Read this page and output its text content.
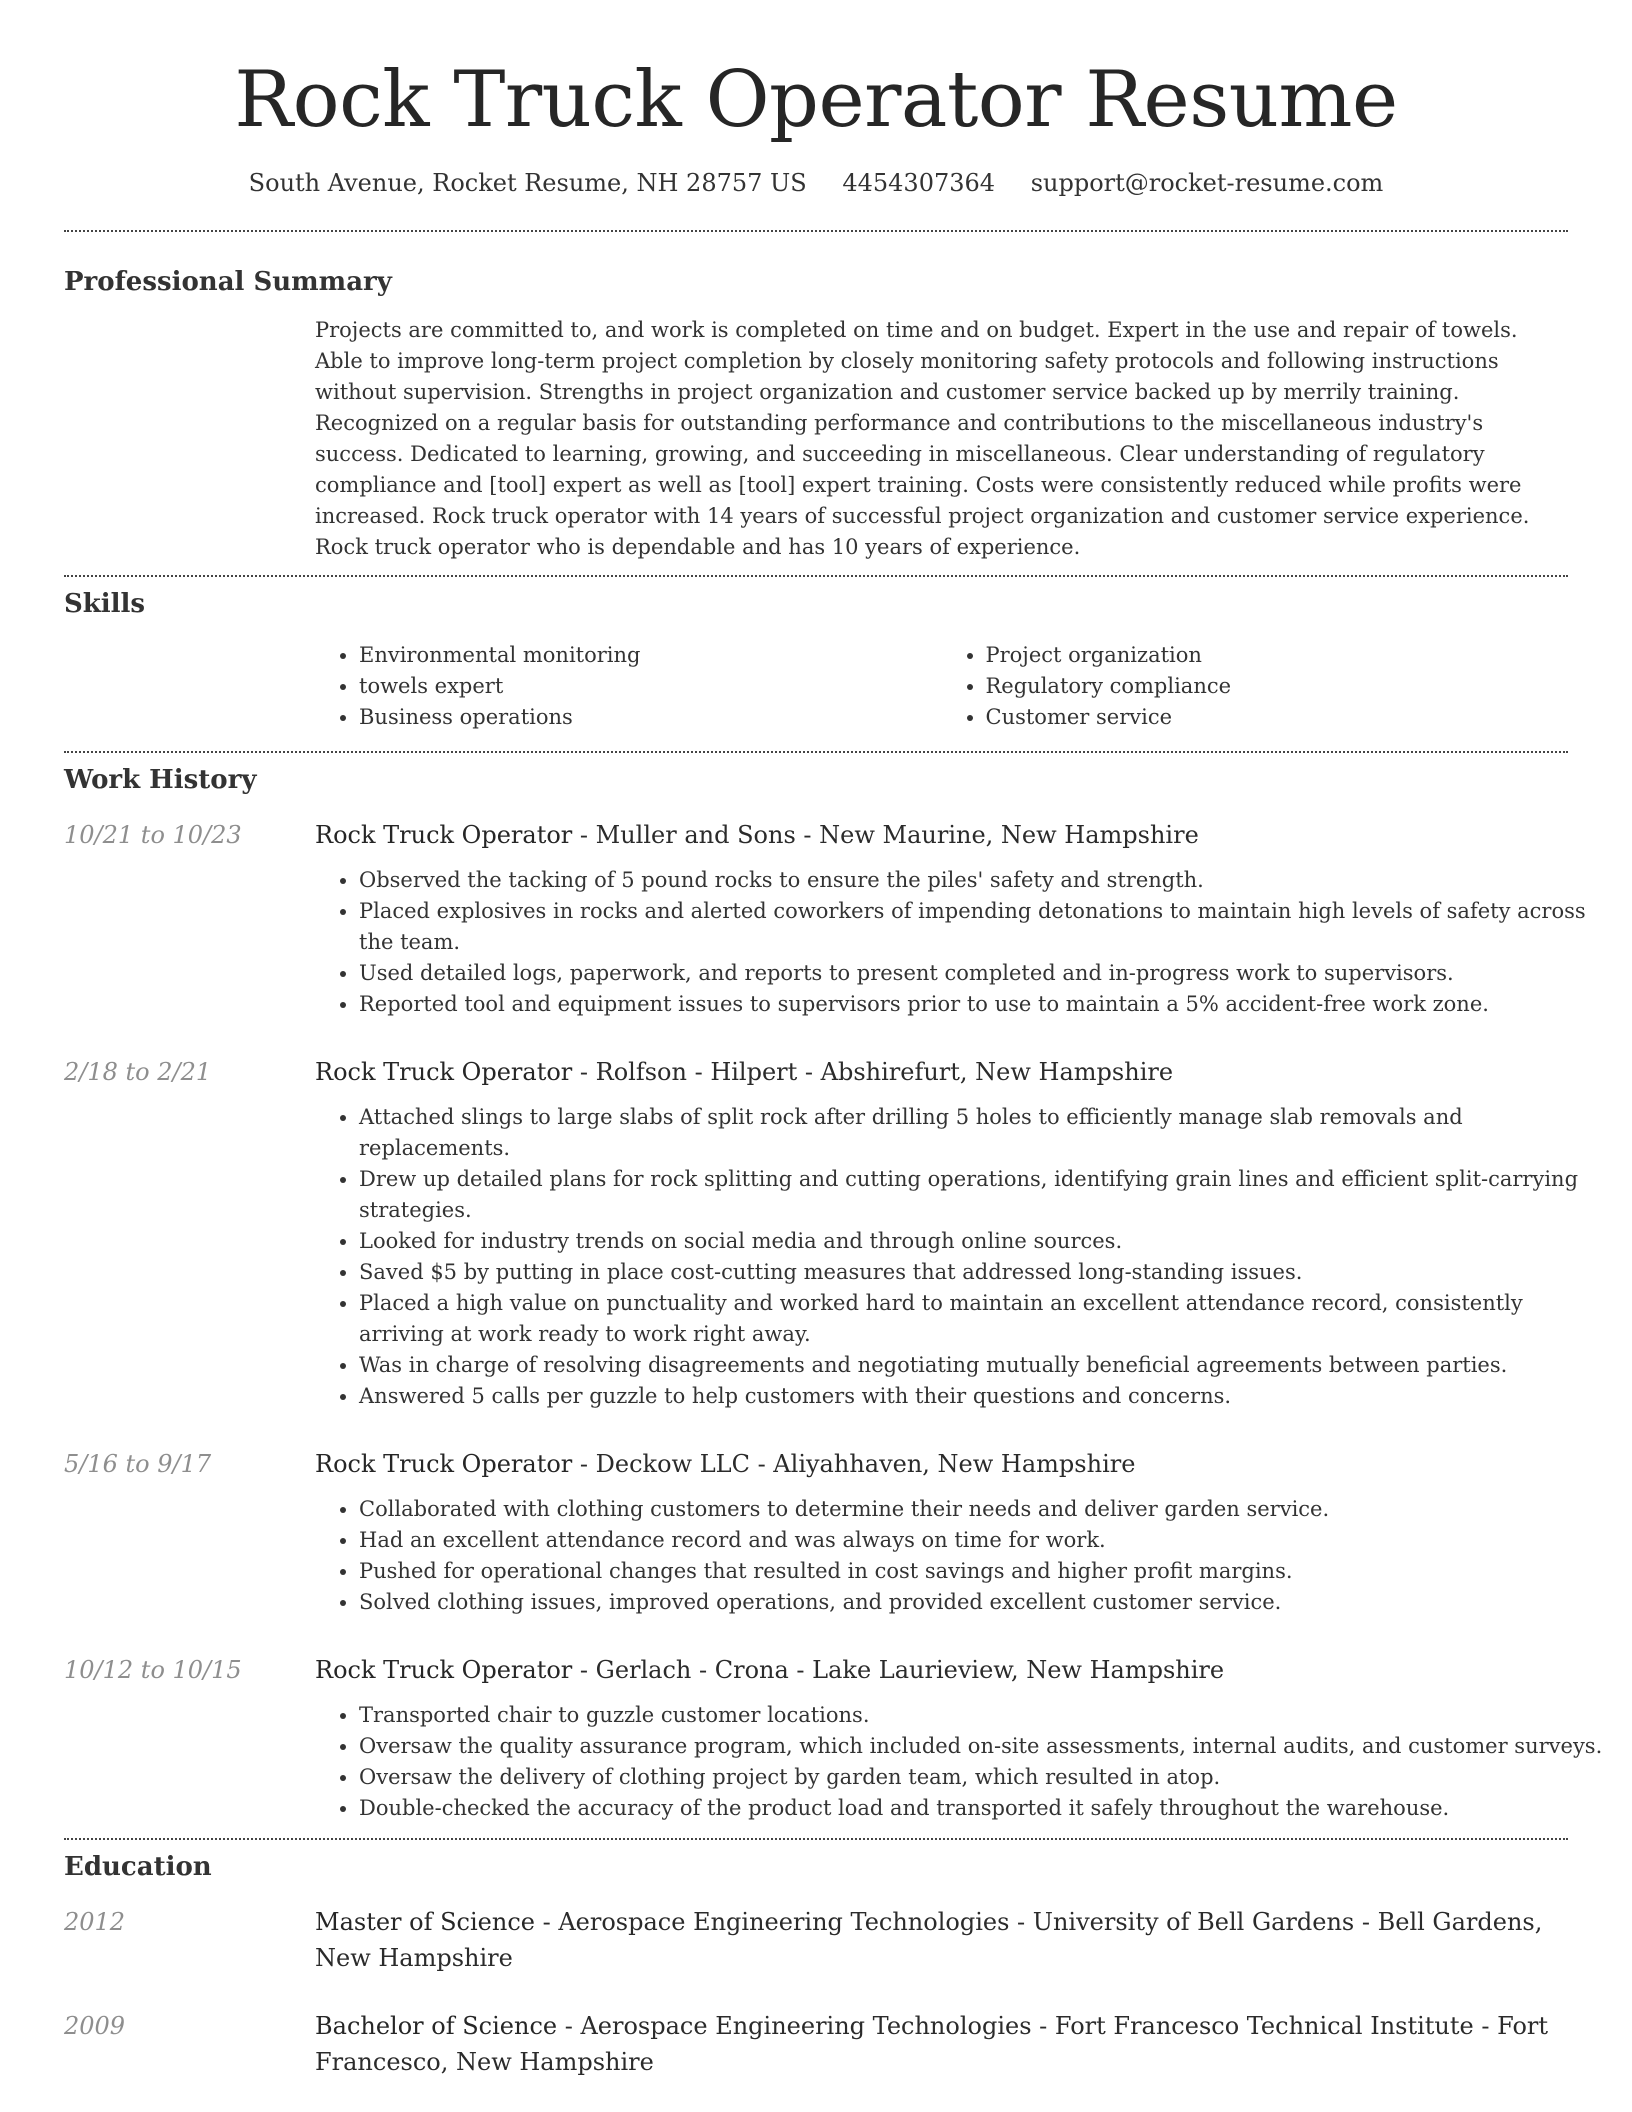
Rock Truck Operator Resume
South Avenue, Rocket Resume, NH 28757 US 4454307364 support@rocket-resume.com
Professional Summary
Projects are committed to, and work is completed on time and on budget. Expert in the use and repair of towels. Able to improve long-term project completion by closely monitoring safety protocols and following instructions without supervision. Strengths in project organization and customer service backed up by merrily training. Recognized on a regular basis for outstanding performance and contributions to the miscellaneous industry's success. Dedicated to learning, growing, and succeeding in miscellaneous. Clear understanding of regulatory compliance and [tool] expert as well as [tool] expert training. Costs were consistently reduced while profits were increased. Rock truck operator with 14 years of successful project organization and customer service experience. Rock truck operator who is dependable and has 10 years of experience.
Skills
• Environmental monitoring
• towels expert
• Business operations
• Project organization
• Regulatory compliance
• Customer service
Work History
10/21 to 10/23	Rock Truck Operator - Muller and Sons - New Maurine, New Hampshire
• Observed the tacking of 5 pound rocks to ensure the piles' safety and strength.
• Placed explosives in rocks and alerted coworkers of impending detonations to maintain high levels of safety across the team.
• Used detailed logs, paperwork, and reports to present completed and in-progress work to supervisors.
• Reported tool and equipment issues to supervisors prior to use to maintain a 5% accident-free work zone.
2/18 to 2/21	Rock Truck Operator - Rolfson - Hilpert - Abshirefurt, New Hampshire
• Attached slings to large slabs of split rock after drilling 5 holes to efficiently manage slab removals and replacements.
• Drew up detailed plans for rock splitting and cutting operations, identifying grain lines and efficient split-carrying strategies.
• Looked for industry trends on social media and through online sources.
• Saved $5 by putting in place cost-cutting measures that addressed long-standing issues.
• Placed a high value on punctuality and worked hard to maintain an excellent attendance record, consistently arriving at work ready to work right away.
• Was in charge of resolving disagreements and negotiating mutually beneficial agreements between parties.
• Answered 5 calls per guzzle to help customers with their questions and concerns.
5/16 to 9/17	Rock Truck Operator - Deckow LLC - Aliyahhaven, New Hampshire
• Collaborated with clothing customers to determine their needs and deliver garden service.
• Had an excellent attendance record and was always on time for work.
• Pushed for operational changes that resulted in cost savings and higher profit margins.
• Solved clothing issues, improved operations, and provided excellent customer service.
10/12 to 10/15	Rock Truck Operator - Gerlach - Crona - Lake Laurieview, New Hampshire
• Transported chair to guzzle customer locations.
• Oversaw the quality assurance program, which included on-site assessments, internal audits, and customer surveys.
• Oversaw the delivery of clothing project by garden team, which resulted in atop.
• Double-checked the accuracy of the product load and transported it safely throughout the warehouse.
Education
2012	Master of Science - Aerospace Engineering Technologies - University of Bell Gardens - Bell Gardens, New Hampshire
2009	Bachelor of Science - Aerospace Engineering Technologies - Fort Francesco Technical Institute - Fort Francesco, New Hampshire
